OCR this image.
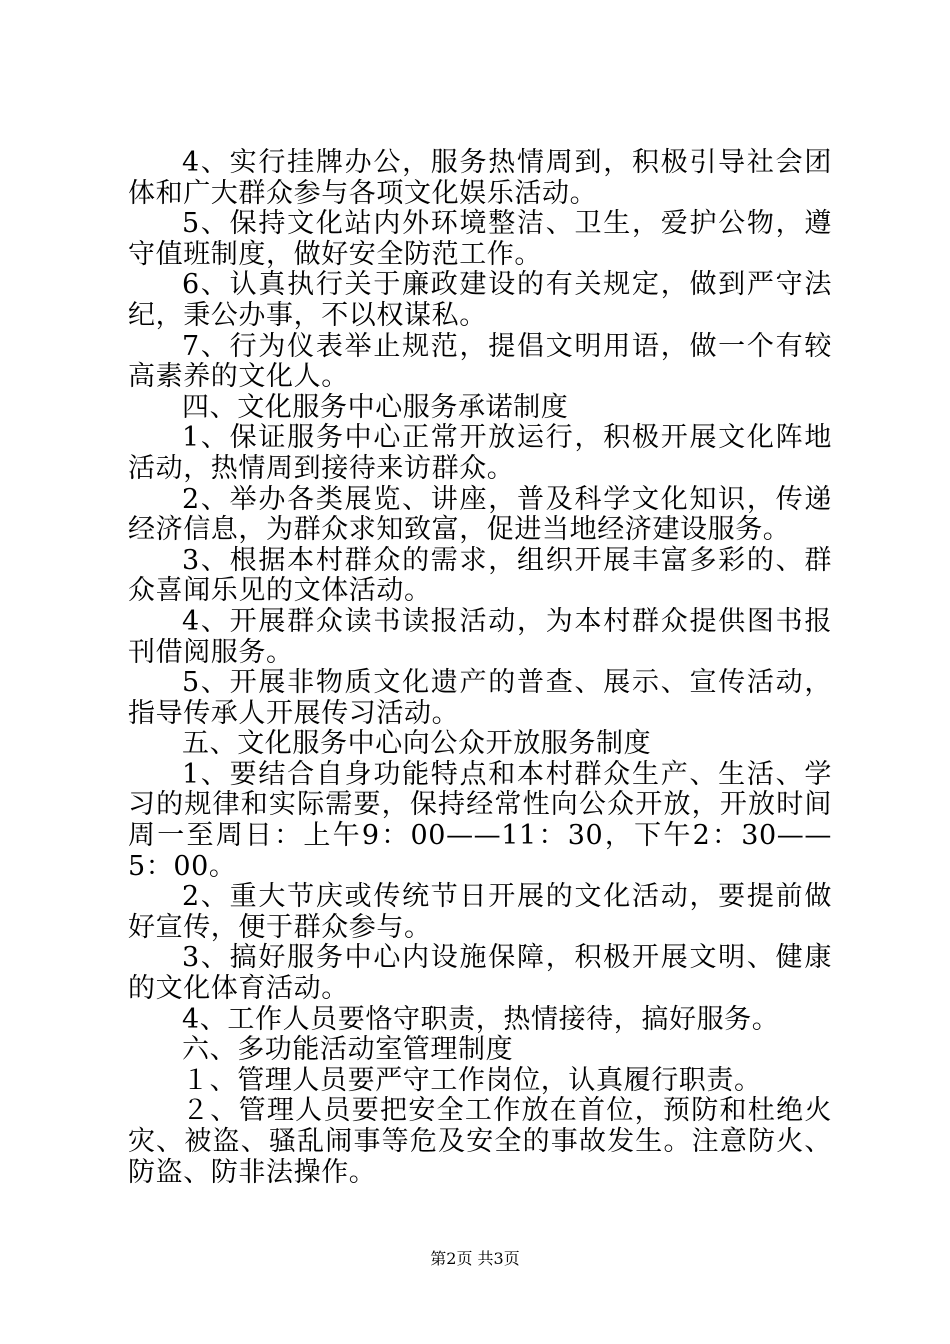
4、实行挂牌办公，服务热情周到，积极引导社会团体和广大群众参与各项文化娱乐活动。

5、保持文化站内外环境整洁、卫生，爱护公物，遵守值班制度，做好安全防范工作。

6、认真执行关于廉政建设的有关规定，做到严守法纪，秉公办事，不以权谋私。

7、行为仪表举止规范，提倡文明用语，做一个有较高素养的文化人。

四、文化服务中心服务承诺制度

1、保证服务中心正常开放运行，积极开展文化阵地活动，热情周到接待来访群众。

2、举办各类展览、讲座，普及科学文化知识，传递经济信息，为群众求知致富，促进当地经济建设服务。

3、根据本村群众的需求，组织开展丰富多彩的、群众喜闻乐见的文体活动。

4、开展群众读书读报活动，为本村群众提供图书报刊借阅服务。

5、开展非物质文化遗产的普查、展示、宣传活动，指导传承人开展传习活动。

五、文化服务中心向公众开放服务制度

1、要结合自身功能特点和本村群众生产、生活、学习的规律和实际需要，保持经常性向公众开放，开放时间周一至周日：上午9：00——11：30，下午2：30——5：00。

2、重大节庆或传统节日开展的文化活动，要提前做好宣传，便于群众参与。

3、搞好服务中心内设施保障，积极开展文明、健康的文化体育活动。

4、工作人员要恪守职责，热情接待，搞好服务。

六、多功能活动室管理制度

１、管理人员要严守工作岗位，认真履行职责。

２、管理人员要把安全工作放在首位，预防和杜绝火灾、被盗、骚乱闹事等危及安全的事故发生。注意防火、防盗、防非法操作。

第2页 共3页
